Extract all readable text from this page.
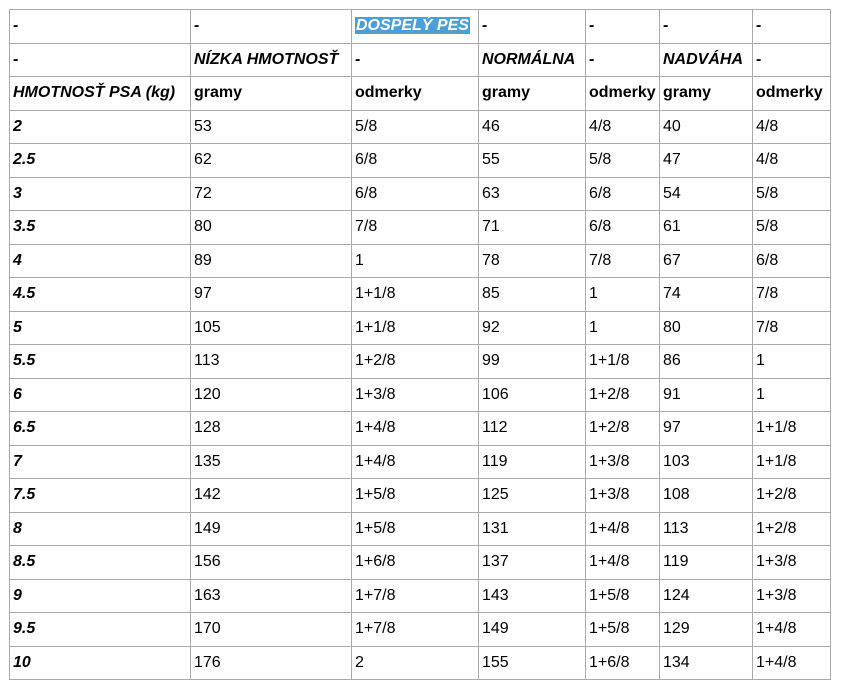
-	-	DOSPELÝ PES	-	-	-	-
-	NÍZKA HMOTNOSŤ	-	NORMÁLNA	-	NADVÁHA	-
HMOTNOSŤ PSA (kg)	gramy	odmerky	gramy	odmerky	gramy	odmerky
2	53	5/8	46	4/8	40	4/8
2.5	62	6/8	55	5/8	47	4/8
3	72	6/8	63	6/8	54	5/8
3.5	80	7/8	71	6/8	61	5/8
4	89	1	78	7/8	67	6/8
4.5	97	1+1/8	85	1	74	7/8
5	105	1+1/8	92	1	80	7/8
5.5	113	1+2/8	99	1+1/8	86	1
6	120	1+3/8	106	1+2/8	91	1
6.5	128	1+4/8	112	1+2/8	97	1+1/8
7	135	1+4/8	119	1+3/8	103	1+1/8
7.5	142	1+5/8	125	1+3/8	108	1+2/8
8	149	1+5/8	131	1+4/8	113	1+2/8
8.5	156	1+6/8	137	1+4/8	119	1+3/8
9	163	1+7/8	143	1+5/8	124	1+3/8
9.5	170	1+7/8	149	1+5/8	129	1+4/8
10	176	2	155	1+6/8	134	1+4/8
